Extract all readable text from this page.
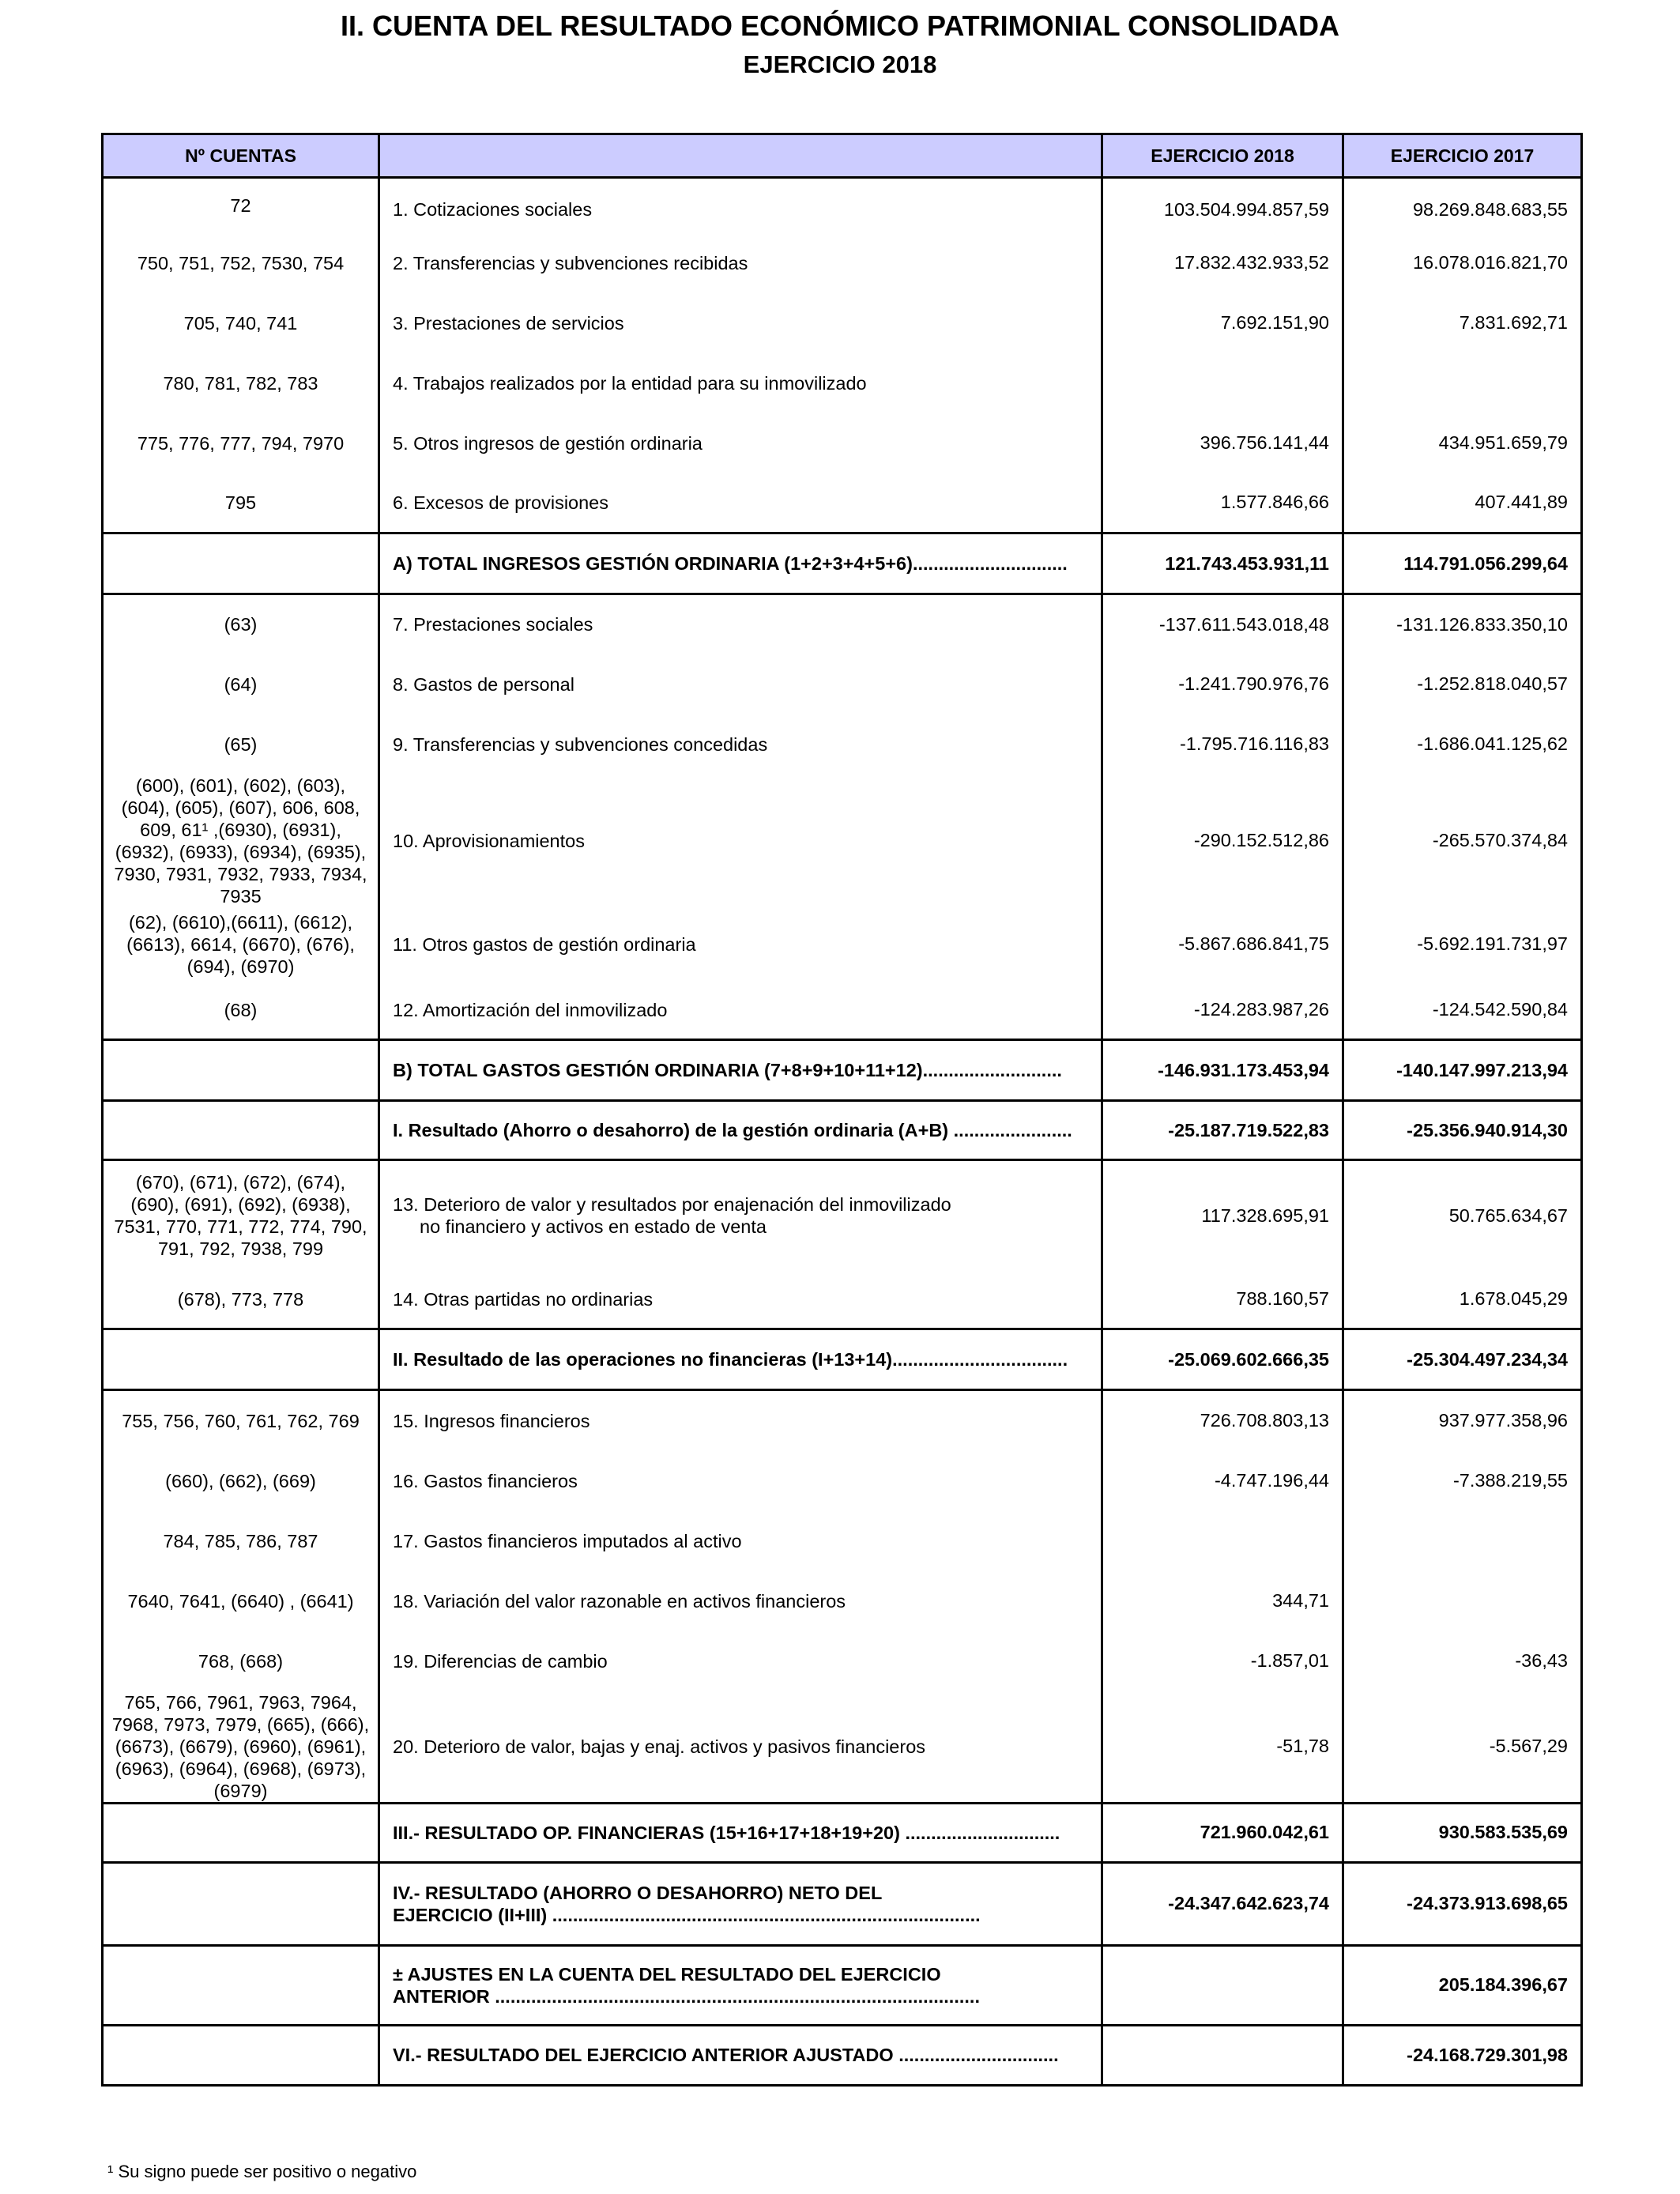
II. CUENTA DEL RESULTADO ECONÓMICO PATRIMONIAL CONSOLIDADA
EJERCICIO 2018
Nº CUENTAS		EJERCICIO 2018	EJERCICIO 2017
72	1. Cotizaciones sociales	103.504.994.857,59	98.269.848.683,55
750, 751, 752, 7530, 754	2. Transferencias y subvenciones recibidas	17.832.432.933,52	16.078.016.821,70
705, 740, 741	3. Prestaciones de servicios	7.692.151,90	7.831.692,71
780, 781, 782, 783	4. Trabajos realizados por la entidad para su inmovilizado		
775, 776, 777, 794, 7970	5. Otros ingresos de gestión ordinaria	396.756.141,44	434.951.659,79
795	6. Excesos de provisiones	1.577.846,66	407.441,89
	A) TOTAL INGRESOS GESTIÓN ORDINARIA (1+2+3+4+5+6)..............................	121.743.453.931,11	114.791.056.299,64
(63)	7. Prestaciones sociales	-137.611.543.018,48	-131.126.833.350,10
(64)	8. Gastos de personal	-1.241.790.976,76	-1.252.818.040,57
(65)	9. Transferencias y subvenciones concedidas	-1.795.716.116,83	-1.686.041.125,62
(600), (601), (602), (603), (604), (605), (607), 606, 608, 609, 61¹ ,(6930), (6931), (6932), (6933), (6934), (6935), 7930, 7931, 7932, 7933, 7934, 7935	10. Aprovisionamientos	-290.152.512,86	-265.570.374,84
(62), (6610),(6611), (6612), (6613), 6614, (6670), (676), (694), (6970)	11. Otros gastos de gestión ordinaria	-5.867.686.841,75	-5.692.191.731,97
(68)	12. Amortización del inmovilizado	-124.283.987,26	-124.542.590,84
	B) TOTAL GASTOS GESTIÓN ORDINARIA (7+8+9+10+11+12)...........................	-146.931.173.453,94	-140.147.997.213,94
	I. Resultado (Ahorro o desahorro) de la gestión ordinaria (A+B) .......................	-25.187.719.522,83	-25.356.940.914,30
(670), (671), (672), (674), (690), (691), (692), (6938), 7531, 770, 771, 772, 774, 790, 791, 792, 7938, 799	13. Deterioro de valor y resultados por enajenación del inmovilizado
no financiero y activos en estado de venta	117.328.695,91	50.765.634,67
(678), 773, 778	14. Otras partidas no ordinarias	788.160,57	1.678.045,29
	II. Resultado de las operaciones no financieras (I+13+14)..................................	-25.069.602.666,35	-25.304.497.234,34
755, 756, 760, 761, 762, 769	15. Ingresos financieros	726.708.803,13	937.977.358,96
(660), (662), (669)	16. Gastos financieros	-4.747.196,44	-7.388.219,55
784, 785, 786, 787	17. Gastos financieros imputados al activo		
7640, 7641, (6640) , (6641)	18. Variación del valor razonable en activos financieros	344,71	
768, (668)	19. Diferencias de cambio	-1.857,01	-36,43
765, 766, 7961, 7963, 7964, 7968, 7973, 7979, (665), (666), (6673), (6679), (6960), (6961), (6963), (6964), (6968), (6973), (6979)	20. Deterioro de valor, bajas y enaj. activos y pasivos financieros	-51,78	-5.567,29
	III.- RESULTADO OP. FINANCIERAS (15+16+17+18+19+20) ..............................	721.960.042,61	930.583.535,69
	IV.- RESULTADO (AHORRO O DESAHORRO) NETO DEL
EJERCICIO (II+III) ...................................................................................	-24.347.642.623,74	-24.373.913.698,65
	± AJUSTES EN LA CUENTA DEL RESULTADO DEL EJERCICIO
ANTERIOR ..............................................................................................		205.184.396,67
	VI.- RESULTADO DEL EJERCICIO ANTERIOR AJUSTADO ...............................		-24.168.729.301,98
¹ Su signo puede ser positivo o negativo
